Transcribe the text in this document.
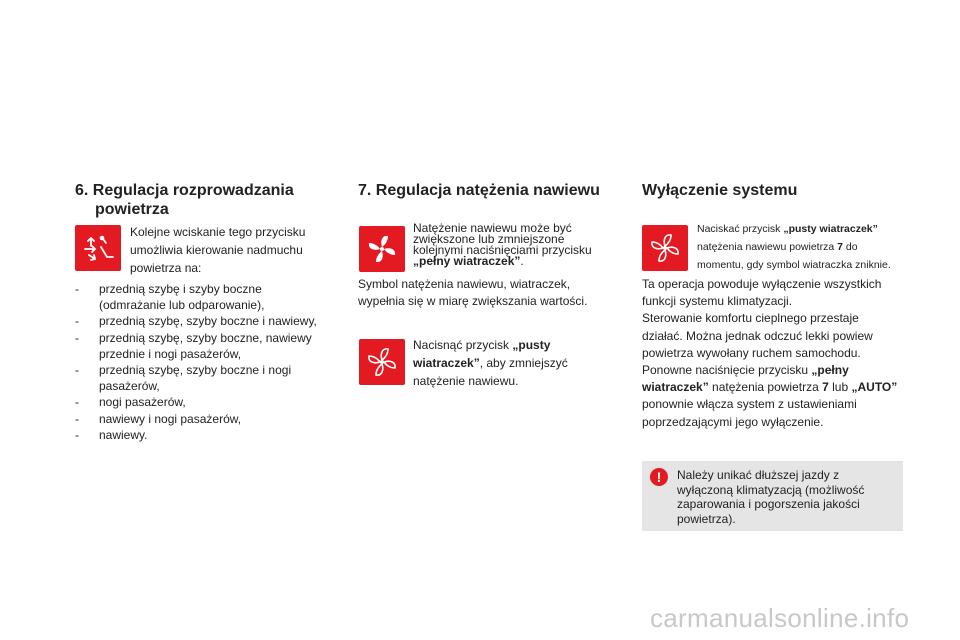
6. Regulacja rozprowadzania
powietrza
Kolejne wciskanie tego przycisku
umożliwia kierowanie nadmuchu
powietrza na:
- przednią szybę i szyby boczne
(odmrażanie lub odparowanie),
- przednią szybę, szyby boczne i nawiewy,
- przednią szybę, szyby boczne, nawiewy
przednie i nogi pasażerów,
- przednią szybę, szyby boczne i nogi
pasażerów,
- nogi pasażerów,
- nawiewy i nogi pasażerów,
- nawiewy.
7. Regulacja natężenia nawiewu
Natężenie nawiewu może być
zwiększone lub zmniejszone
kolejnymi naciśnięciami przycisku
„pełny wiatraczek”.
Symbol natężenia nawiewu, wiatraczek,
wypełnia się w miarę zwiększania wartości.
Nacisnąć przycisk „pusty
wiatraczek”, aby zmniejszyć
natężenie nawiewu.
Wyłączenie systemu
Naciskać przycisk „pusty wiatraczek”
natężenia nawiewu powietrza 7 do
momentu, gdy symbol wiatraczka zniknie.
Ta operacja powoduje wyłączenie wszystkich
funkcji systemu klimatyzacji.
Sterowanie komfortu cieplnego przestaje
działać. Można jednak odczuć lekki powiew
powietrza wywołany ruchem samochodu.
Ponowne naciśnięcie przycisku „pełny
wiatraczek” natężenia powietrza 7 lub „AUTO”
ponownie włącza system z ustawieniami
poprzedzającymi jego wyłączenie.
!	Należy unikać dłuższej jazdy z
wyłączoną klimatyzacją (możliwość
zaparowania i pogorszenia jakości
powietrza).
carmanualsonline.info
